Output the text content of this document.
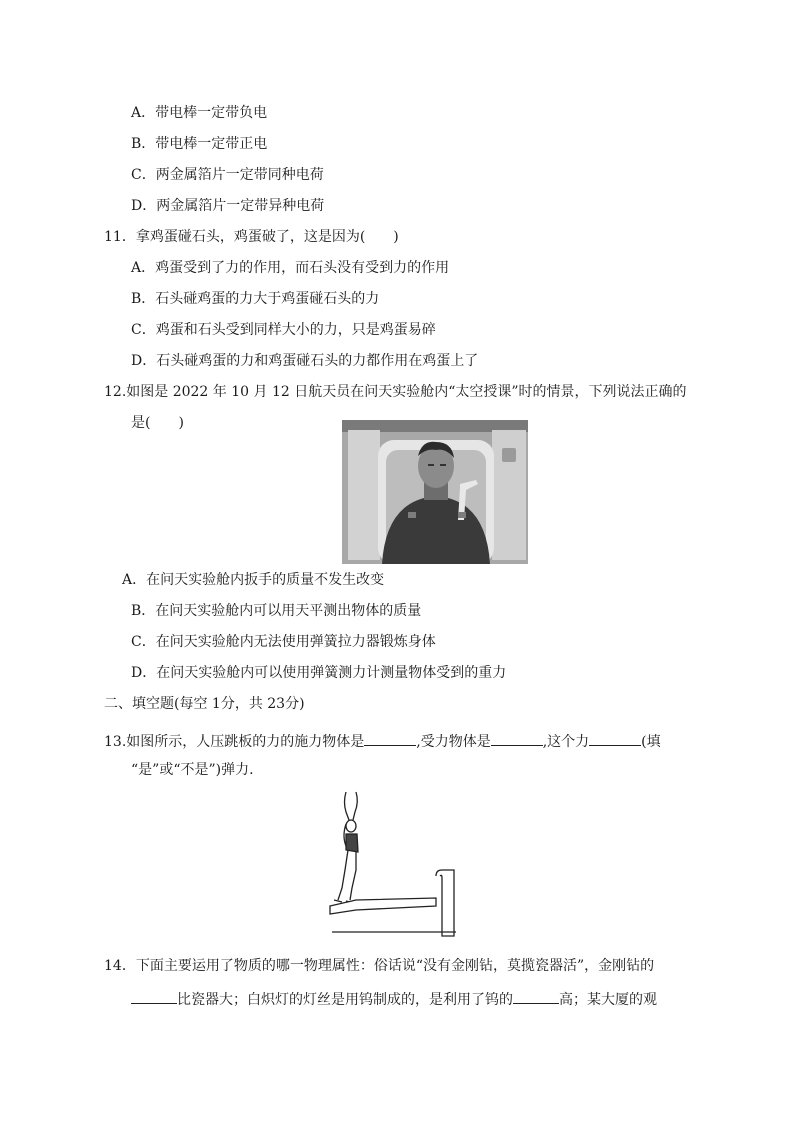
A．带电棒一定带负电
B．带电棒一定带正电
C．两金属箔片一定带同种电荷
D．两金属箔片一定带异种电荷
11．拿鸡蛋碰石头，鸡蛋破了，这是因为(　　)
A．鸡蛋受到了力的作用，而石头没有受到力的作用
B．石头碰鸡蛋的力大于鸡蛋碰石头的力
C．鸡蛋和石头受到同样大小的力，只是鸡蛋易碎
D．石头碰鸡蛋的力和鸡蛋碰石头的力都作用在鸡蛋上了
12.如图是 2022 年 10 月 12 日航天员在问天实验舱内“太空授课”时的情景，下列说法正确的
是(　　)
A．在问天实验舱内扳手的质量不发生改变
B．在问天实验舱内可以用天平测出物体的质量
C．在问天实验舱内无法使用弹簧拉力器锻炼身体
D．在问天实验舱内可以使用弹簧测力计测量物体受到的重力
二、填空题(每空 1分，共 23分)
13.如图所示，人压跳板的力的施力物体是	,受力物体是	,这个力	(填
“是”或“不是”)弹力.
14．下面主要运用了物质的哪一物理属性：俗话说“没有金刚钻，莫揽瓷器活”，金刚钻的
比瓷器大；白炽灯的灯丝是用钨制成的，是利用了钨的	高；某大厦的观
